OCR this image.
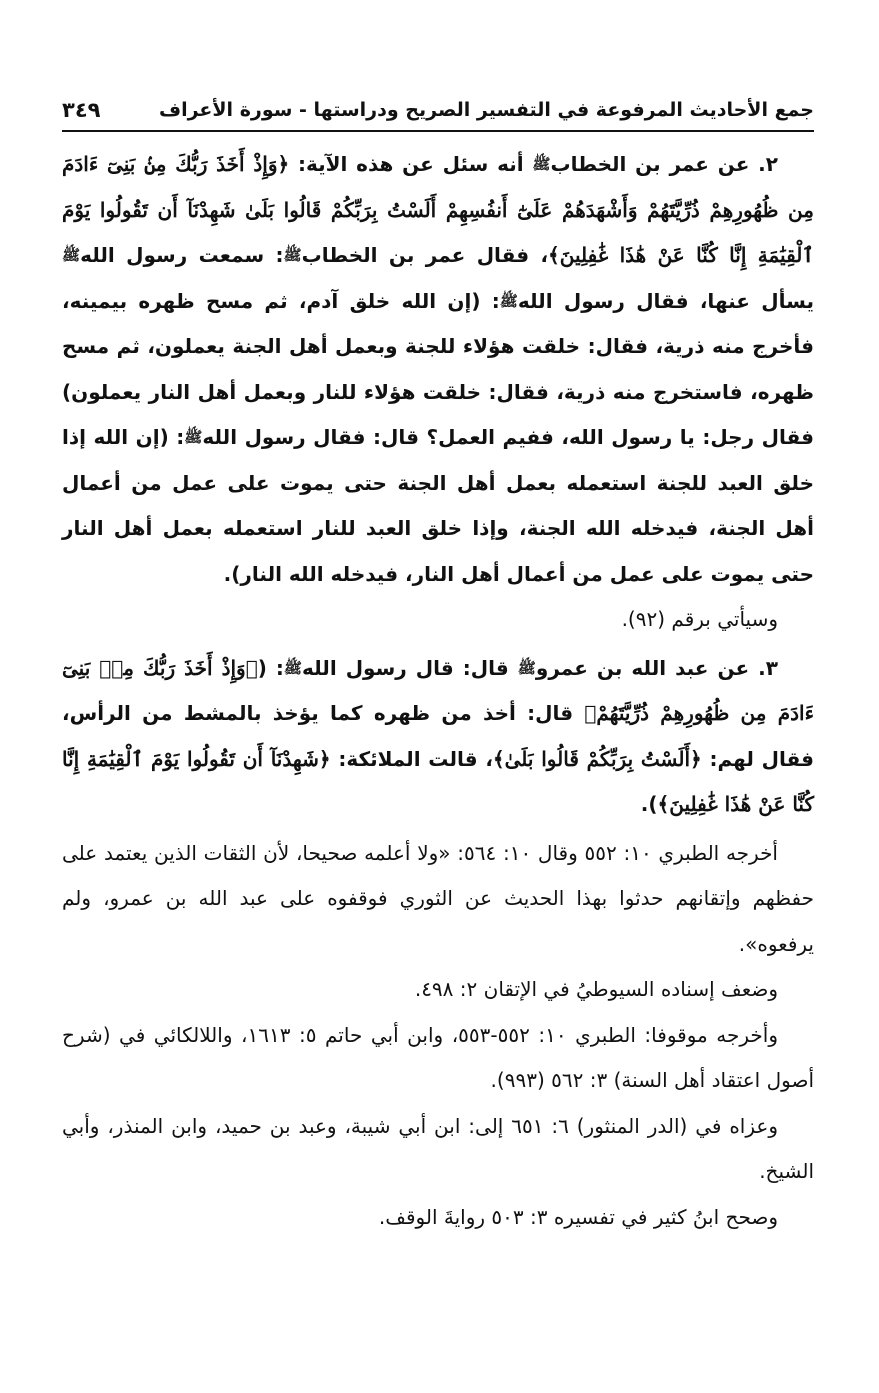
جمع الأحاديث المرفوعة في التفسير الصريح ودراستها - سورة الأعراف
٣٤٩

٢. عن عمر بن الخطابﷺ أنه سئل عن هذه الآية: ﴿وَإِذْ أَخَذَ رَبُّكَ مِنۢ بَنِىٓ ءَادَمَ مِن ظُهُورِهِمْ ذُرِّيَّتَهُمْ وَأَشْهَدَهُمْ عَلَىٰٓ أَنفُسِهِمْ أَلَسْتُ بِرَبِّكُمْ قَالُوا بَلَىٰ شَهِدْنَآ أَن تَقُولُوا يَوْمَ ٱلْقِيَٰمَةِ إِنَّا كُنَّا عَنْ هَٰذَا غَٰفِلِينَ﴾، فقال عمر بن الخطابﷺ: سمعت رسول اللهﷺ يسأل عنها، فقال رسول اللهﷺ: (إن الله خلق آدم، ثم مسح ظهره بيمينه، فأخرج منه ذرية، فقال: خلقت هؤلاء للجنة وبعمل أهل الجنة يعملون، ثم مسح ظهره، فاستخرج منه ذرية، فقال: خلقت هؤلاء للنار وبعمل أهل النار يعملون) فقال رجل: يا رسول الله، ففيم العمل؟ قال: فقال رسول اللهﷺ: (إن الله إذا خلق العبد للجنة استعمله بعمل أهل الجنة حتى يموت على عمل من أعمال أهل الجنة، فيدخله الله الجنة، وإذا خلق العبد للنار استعمله بعمل أهل النار حتى يموت على عمل من أعمال أهل النار، فيدخله الله النار).

وسيأتي برقم (٩٢).

٣. عن عبد الله بن عمروﷺ قال: قال رسول اللهﷺ: (﴿وَإِذْ أَخَذَ رَبُّكَ مِنۢ بَنِىٓ ءَادَمَ مِن ظُهُورِهِمْ ذُرِّيَّتَهُمْ﴾ قال: أخذ من ظهره كما يؤخذ بالمشط من الرأس، فقال لهم: ﴿أَلَسْتُ بِرَبِّكُمْ قَالُوا بَلَىٰ﴾، قالت الملائكة: ﴿شَهِدْنَآ أَن تَقُولُوا يَوْمَ ٱلْقِيَٰمَةِ إِنَّا كُنَّا عَنْ هَٰذَا غَٰفِلِينَ﴾).

أخرجه الطبري ١٠: ٥٥٢ وقال ١٠: ٥٦٤: «ولا أعلمه صحيحا، لأن الثقات الذين يعتمد على حفظهم وإتقانهم حدثوا بهذا الحديث عن الثوري فوقفوه على عبد الله بن عمرو، ولم يرفعوه».

وضعف إسناده السيوطيُ في الإتقان ٢: ٤٩٨.

وأخرجه موقوفا: الطبري ١٠: ٥٥٢-٥٥٣، وابن أبي حاتم ٥: ١٦١٣، واللالكائي في (شرح أصول اعتقاد أهل السنة) ٣: ٥٦٢ (٩٩٣).

وعزاه في (الدر المنثور) ٦: ٦٥١ إلى: ابن أبي شيبة، وعبد بن حميد، وابن المنذر، وأبي الشيخ.

وصحح ابنُ كثير في تفسيره ٣: ٥٠٣ روايةَ الوقف.
